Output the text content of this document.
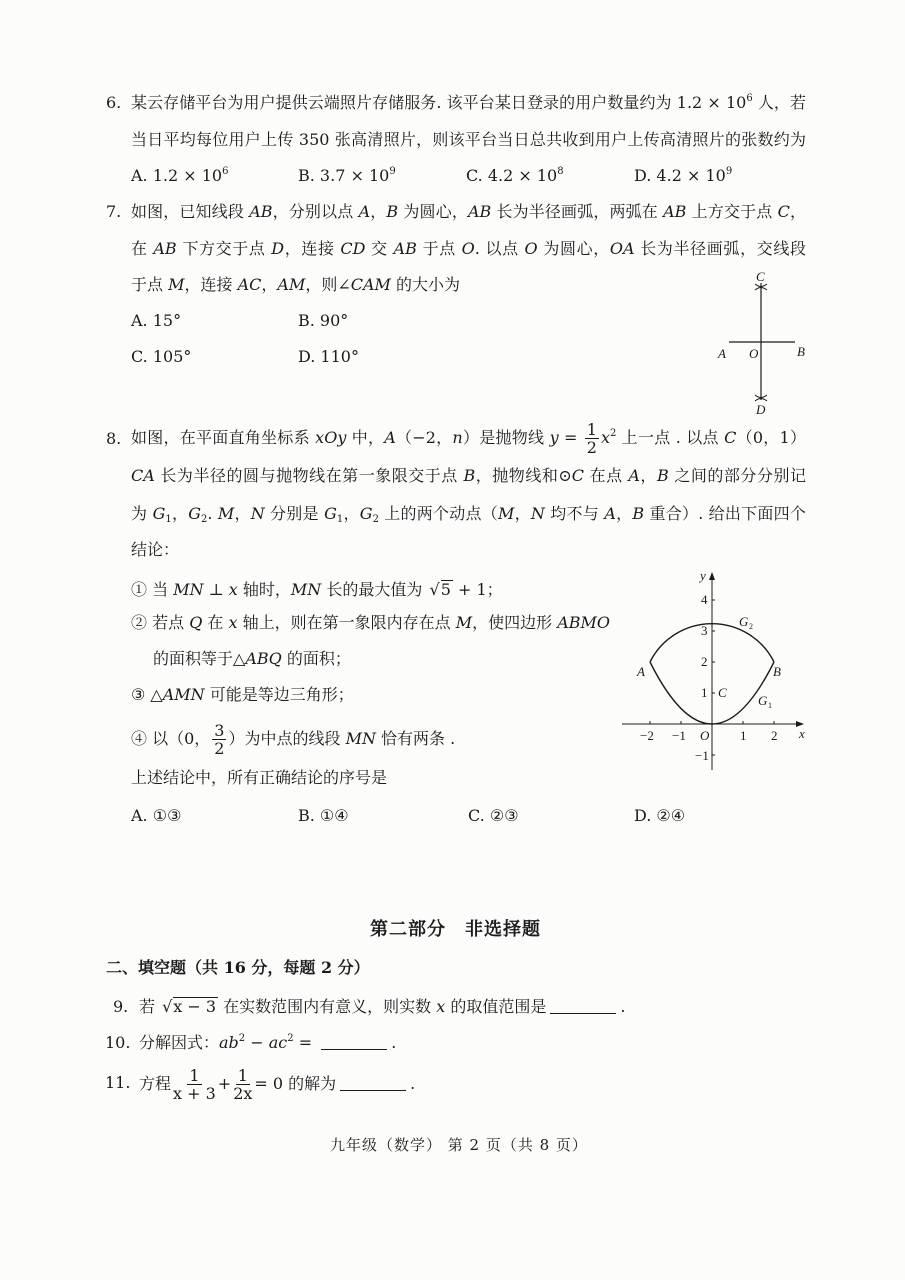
6. 某云存储平台为用户提供云端照片存储服务. 该平台某日登录的用户数量约为 $1.2 \times 10^6$ 人，若
当日平均每位用户上传 350 张高清照片，则该平台当日总共收到用户上传高清照片的张数约为
A. $1.2 \times 10^6$	B. $3.7 \times 10^9$	C. $4.2 \times 10^8$	D. $4.2 \times 10^9$
7. 如图，已知线段 AB，分别以点 A，B 为圆心，AB 长为半径画弧，两弧在 AB 上方交于点 C，
在 AB 下方交于点 D，连接 CD 交 AB 于点 O. 以点 O 为圆心，OA 长为半径画弧，交线段
于点 M，连接 AC，AM，则∠CAM 的大小为
A. 15°	B. 90°
C. 105°	D. 110°
C
A O	B
D
8. 如图，在平面直角坐标系 xOy 中，A（−2，n）是抛物线 $y = \frac{1}{2} x^2$ 上一点 . 以点 C（0，1）
CA 长为半径的圆与抛物线在第一象限交于点 B，抛物线和⊙C 在点 A，B 之间的部分分别记
为 $G_1$，$G_2$. M，N 分别是 $G_1$，$G_2$ 上的两个动点（M，N 均不与 A，B 重合）. 给出下面四个
结论：
① 当 MN ⊥ x 轴时，MN 长的最大值为 √ 5 + 1；
② 若点 Q 在 x 轴上，则在第一象限内存在点 M，使四边形 ABMO
的面积等于△ABQ 的面积；
③ △AMN 可能是等边三角形；
④ 以（0， $\frac{3}{2}$ ）为中点的线段 MN 恰有两条 .
上述结论中，所有正确结论的序号是
A. ①③	B. ①④	C. ②③	D. ②④
y
x
4
3
2
1
−1
−2 −1	1 2
O
A	B
C
G 1
G 2
第二部分　非选择题
二、填空题（共 16 分，每题 2 分）
9. 若 √ x − 3 在实数范围内有意义，则实数 x 的取值范围是	.
10. 分解因式：$ab^2 - ac^2$ =	.
11. 方程 $\frac{1}{x + 3} + \frac{1}{2x} = 0$ 的解为	.
九年级（数学） 第 2 页（共 8 页）
